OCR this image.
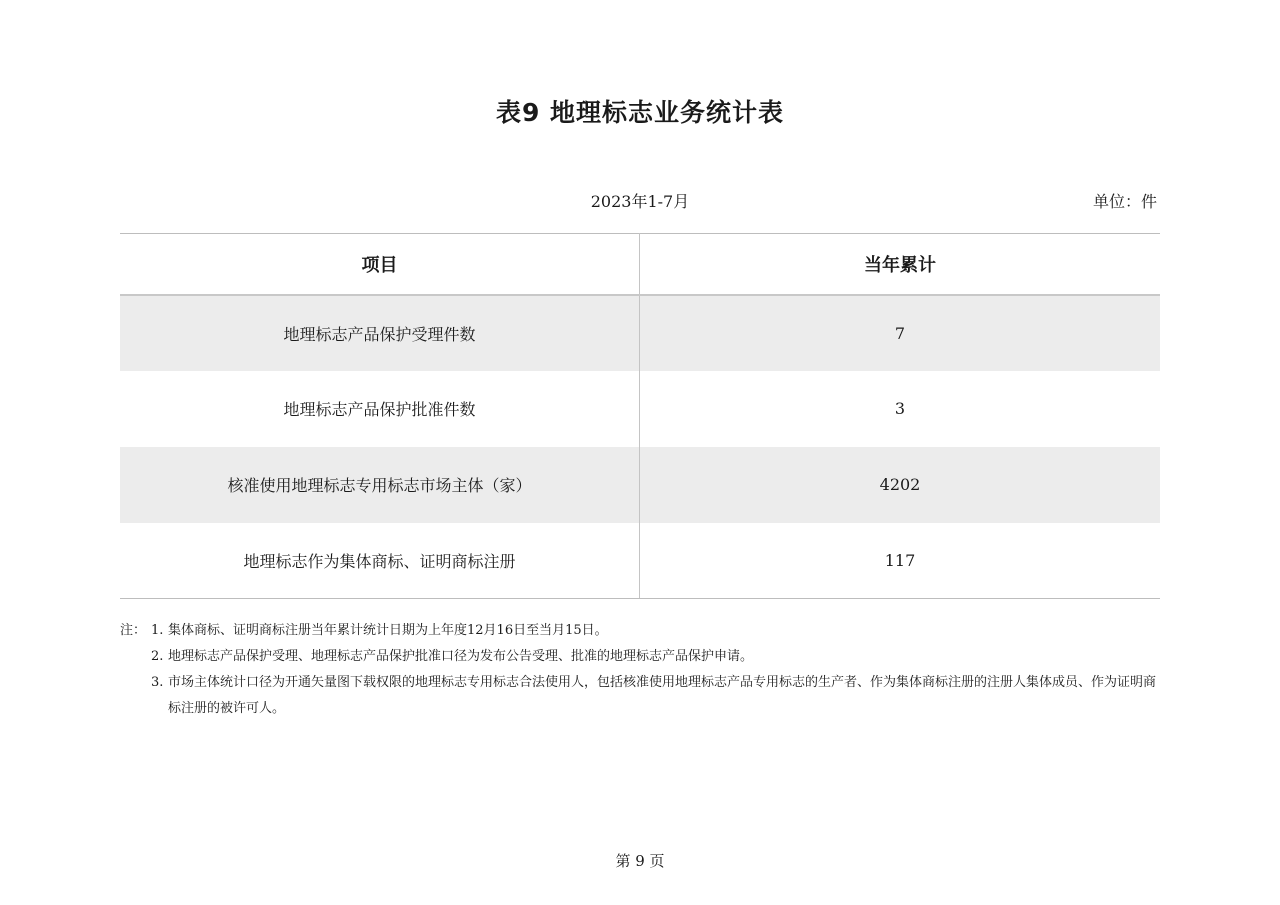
表9 地理标志业务统计表
2023年1-7月	单位：件
项目	当年累计
地理标志产品保护受理件数	7
地理标志产品保护批准件数	3
核准使用地理标志专用标志市场主体（家）	4202
地理标志作为集体商标、证明商标注册	117
注： 1. 集体商标、证明商标注册当年累计统计日期为上年度12月16日至当月15日。
2. 地理标志产品保护受理、地理标志产品保护批准口径为发布公告受理、批准的地理标志产品保护申请。
3. 市场主体统计口径为开通矢量图下载权限的地理标志专用标志合法使用人，包括核准使用地理标志产品专用标志的生产者、作为集体商标注册的注册人集体成员、作为证明商标注册的被许可人。
第 9 页
